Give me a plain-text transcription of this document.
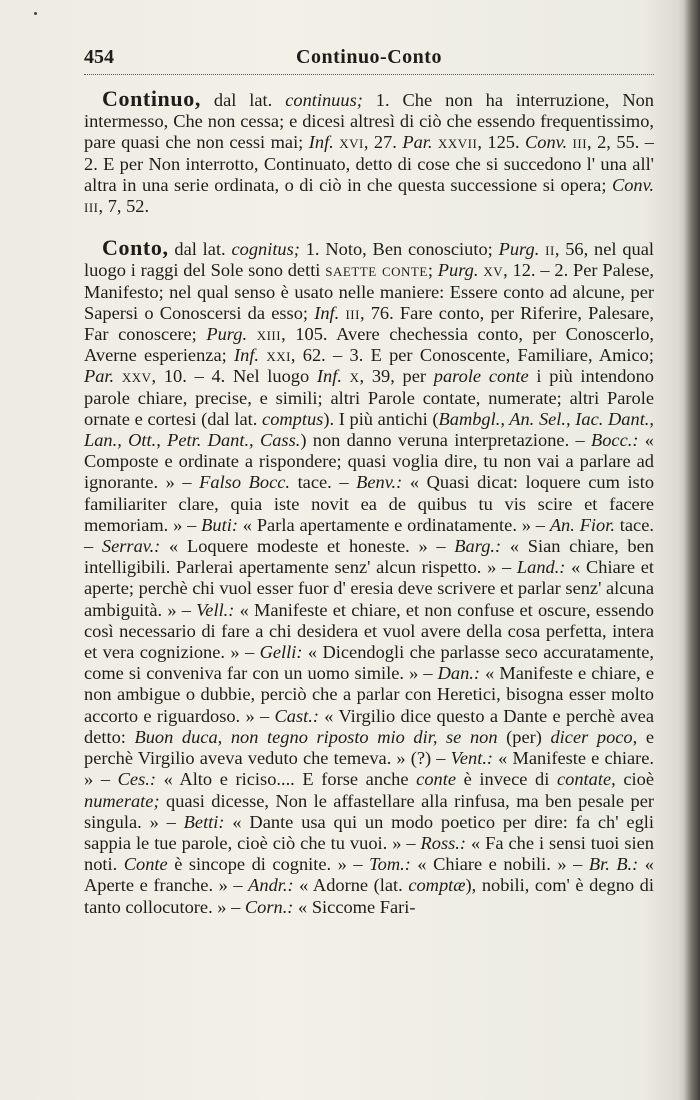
454	Continuo-Conto

Continuo, dal lat. continuus; 1. Che non ha interruzione, Non intermesso, Che non cessa; e dicesi altresì di ciò che essendo frequentissimo, pare quasi che non cessi mai; Inf. xvi, 27. Par. xxvii, 125. Conv. iii, 2, 55. – 2. E per Non interrotto, Continuato, detto di cose che si succedono l' una all' altra in una serie ordinata, o di ciò in che questa successione si opera; Conv. iii, 7, 52.

Conto, dal lat. cognitus; 1. Noto, Ben conosciuto; Purg. ii, 56, nel qual luogo i raggi del Sole sono detti saette conte; Purg. xv, 12. – 2. Per Palese, Manifesto; nel qual senso è usato nelle maniere: Essere conto ad alcune, per Sapersi o Conoscersi da esso; Inf. iii, 76. Fare conto, per Riferire, Palesare, Far conoscere; Purg. xiii, 105. Avere chechessia conto, per Conoscerlo, Averne esperienza; Inf. xxi, 62. – 3. E per Conoscente, Familiare, Amico; Par. xxv, 10. – 4. Nel luogo Inf. x, 39, per parole conte i più intendono parole chiare, precise, e simili; altri Parole contate, numerate; altri Parole ornate e cortesi (dal lat. comptus). I più antichi (Bambgl., An. Sel., Iac. Dant., Lan., Ott., Petr. Dant., Cass.) non danno veruna interpretazione. – Bocc.: « Composte e ordinate a rispondere; quasi voglia dire, tu non vai a parlare ad ignorante. » – Falso Bocc. tace. – Benv.: « Quasi dicat: loquere cum isto familiariter clare, quia iste novit ea de quibus tu vis scire et facere memoriam. » – Buti: « Parla apertamente e ordinatamente. » – An. Fior. tace. – Serrav.: « Loquere modeste et honeste. » – Barg.: « Sian chiare, ben intelligibili. Parlerai apertamente senz' alcun rispetto. » – Land.: « Chiare et aperte; perchè chi vuol esser fuor d' eresia deve scrivere et parlar senz' alcuna ambiguità. » – Vell.: « Manifeste et chiare, et non confuse et oscure, essendo così necessario di fare a chi desidera et vuol avere della cosa perfetta, intera et vera cognizione. » – Gelli: « Dicendogli che parlasse seco accuratamente, come si conveniva far con un uomo simile. » – Dan.: « Manifeste e chiare, e non ambigue o dubbie, perciò che a parlar con Heretici, bisogna esser molto accorto e riguardoso. » – Cast.: « Virgilio dice questo a Dante e perchè avea detto: Buon duca, non tegno riposto mio dir, se non (per) dicer poco, e perchè Virgilio aveva veduto che temeva. » (?) – Vent.: « Manifeste e chiare. » – Ces.: « Alto e riciso.... E forse anche conte è invece di contate, cioè numerate; quasi dicesse, Non le affastellare alla rinfusa, ma ben pesale per singula. » – Betti: « Dante usa qui un modo poetico per dire: fa ch' egli sappia le tue parole, cioè ciò che tu vuoi. » – Ross.: « Fa che i sensi tuoi sien noti. Conte è sincope di cognite. » – Tom.: « Chiare e nobili. » – Br. B.: « Aperte e franche. » – Andr.: « Adorne (lat. comptæ), nobili, com' è degno di tanto collocutore. » – Corn.: « Siccome Fari-
